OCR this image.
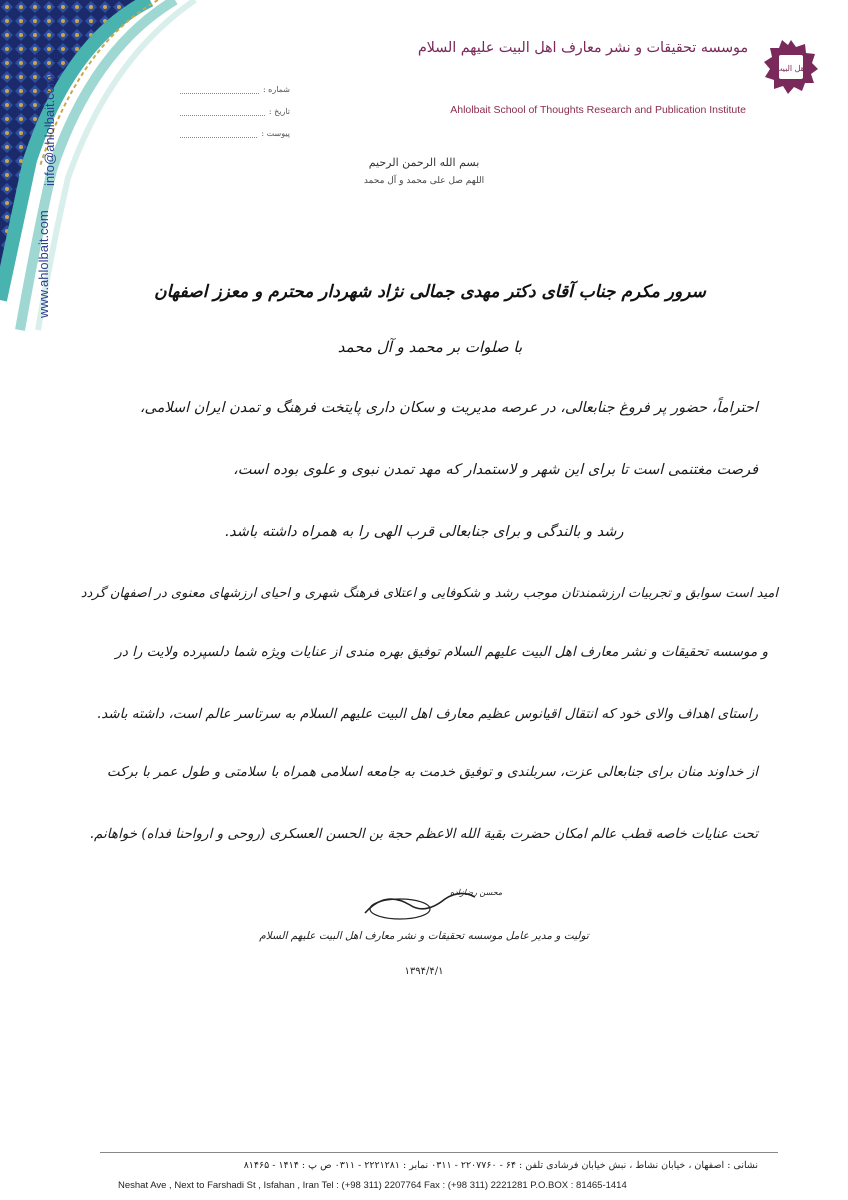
info@ahlolbait.com
www.ahlolbait.com
اهل البیت
موسسه تحقیقات و نشر معارف اهل البیت علیهم السلام
Ahlolbait School of Thoughts Research and Publication Institute
شماره :
تاریخ :
پیوست :
بسم الله الرحمن الرحیم
اللهم صل علی محمد و آل محمد
سرور مکرم جناب آقای دکتر مهدی جمالی نژاد شهردار محترم و معزز اصفهان
با صلوات بر محمد و آل محمد
احتراماً، حضور پر فروغ جنابعالی، در عرصه مدیریت و سکان داری پایتخت فرهنگ و تمدن ایران اسلامی،
فرصت مغتنمی است تا برای این شهر و لاستمدار که مهد تمدن نبوی و علوی بوده است،
رشد و بالندگی و برای جنابعالی قرب الهی را به همراه داشته باشد.
امید است سوابق و تجربیات ارزشمندتان موجب رشد و شکوفایی و اعتلای فرهنگ شهری و احیای ارزشهای معنوی در اصفهان گردد
و موسسه تحقیقات و نشر معارف اهل البیت علیهم السلام توفیق بهره مندی از عنایات ویژه شما دلسپرده ولایت را در
راستای اهداف والای خود که انتقال اقیانوس عظیم معارف اهل البیت علیهم السلام به سرتاسر عالم است، داشته باشد.
از خداوند منان برای جنابعالی عزت، سربلندی و توفیق خدمت به جامعه اسلامی همراه با سلامتی و طول عمر با برکت
تحت عنایات خاصه قطب عالم امکان حضرت بقیة الله الاعظم حجة بن الحسن العسکری (روحی و ارواحنا فداه) خواهانم.
محسن رضازاده
تولیت و مدیر عامل موسسه تحقیقات و نشر معارف اهل البیت علیهم السلام
۱۳۹۴/۴/۱
نشانی : اصفهان ، خیابان نشاط ، نبش خیابان فرشادی تلفن : ۶۴ - ۲۲۰۷۷۶۰ - ۰۳۱۱ نمابر : ۲۲۲۱۲۸۱ - ۰۳۱۱ ص پ : ۱۴۱۴ - ۸۱۴۶۵
Neshat Ave , Next to Farshadi St , Isfahan , Iran Tel : (+98 311) 2207764 Fax : (+98 311) 2221281 P.O.BOX : 81465-1414
